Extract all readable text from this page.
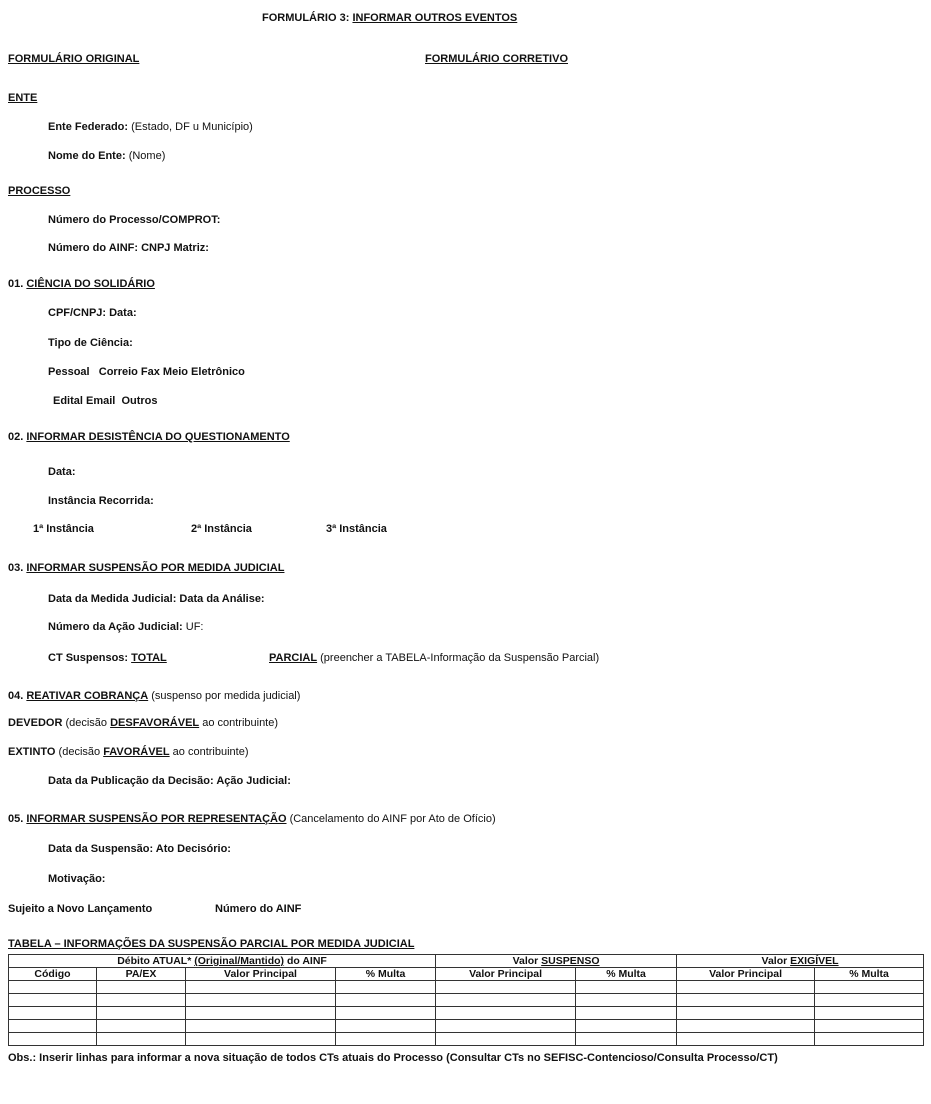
FORMULÁRIO 3: INFORMAR OUTROS EVENTOS
FORMULÁRIO ORIGINAL	FORMULÁRIO CORRETIVO
ENTE
Ente Federado: (Estado, DF u Município)
Nome do Ente: (Nome)
PROCESSO
Número do Processo/COMPROT:
Número do AINF: CNPJ Matriz:
01. CIÊNCIA DO SOLIDÁRIO
CPF/CNPJ: Data:
Tipo de Ciência:
Pessoal   Correio Fax Meio Eletrônico
Edital Email  Outros
02. INFORMAR DESISTÊNCIA DO QUESTIONAMENTO
Data:
Instância Recorrida:
1ª Instância	2ª Instância	3ª Instância
03. INFORMAR SUSPENSÃO POR MEDIDA JUDICIAL
Data da Medida Judicial: Data da Análise:
Número da Ação Judicial: UF:
CT Suspensos: TOTAL	PARCIAL (preencher a TABELA-Informação da Suspensão Parcial)
04. REATIVAR COBRANÇA (suspenso por medida judicial)
DEVEDOR (decisão DESFAVORÁVEL ao contribuinte)
EXTINTO (decisão FAVORÁVEL ao contribuinte)
Data da Publicação da Decisão: Ação Judicial:
05. INFORMAR SUSPENSÃO POR REPRESENTAÇÃO (Cancelamento do AINF por Ato de Ofício)
Data da Suspensão: Ato Decisório:
Motivação:
Sujeito a Novo Lançamento	Número do AINF
TABELA – INFORMAÇÕES DA SUSPENSÃO PARCIAL POR MEDIDA JUDICIAL
Débito ATUAL* (Original/Mantido) do AINF				Valor SUSPENSO		Valor EXIGÍVEL	
Código	PA/EX	Valor Principal	% Multa	Valor Principal	% Multa	Valor Principal	% Multa

Obs.: Inserir linhas para informar a nova situação de todos CTs atuais do Processo (Consultar CTs no SEFISC-Contencioso/Consulta Processo/CT)
